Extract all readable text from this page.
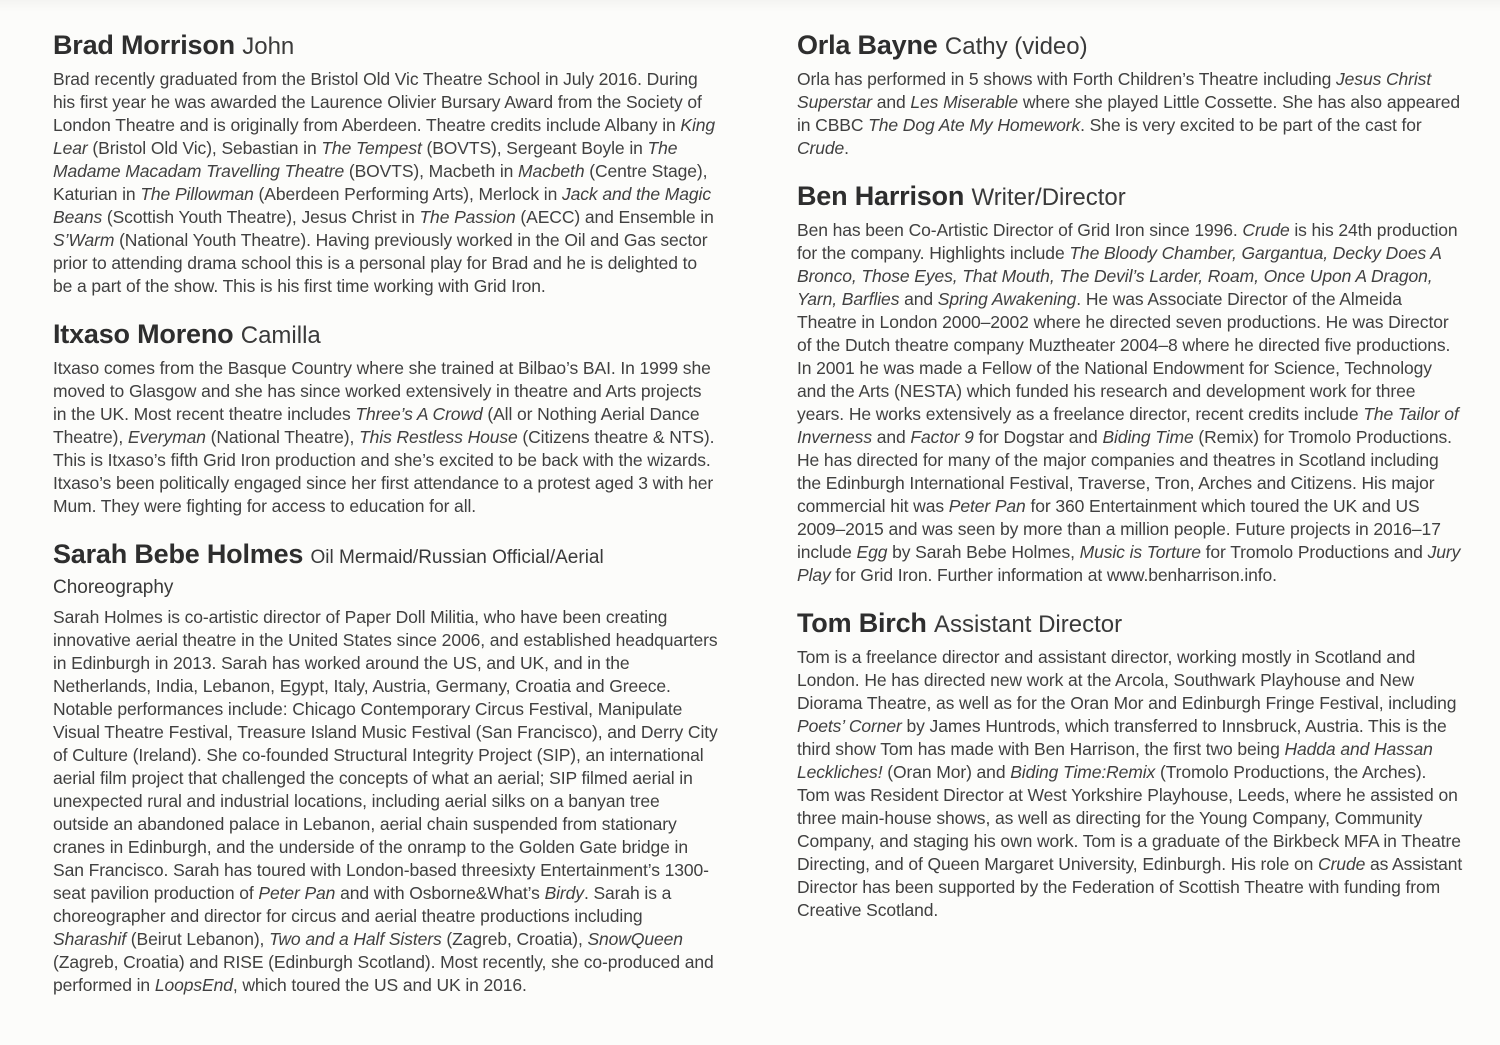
Brad Morrison John

Brad recently graduated from the Bristol Old Vic Theatre School in July 2016. During his first year he was awarded the Laurence Olivier Bursary Award from the Society of London Theatre and is originally from Aberdeen. Theatre credits include Albany in King Lear (Bristol Old Vic), Sebastian in The Tempest (BOVTS), Sergeant Boyle in The Madame Macadam Travelling Theatre (BOVTS), Macbeth in Macbeth (Centre Stage), Katurian in The Pillowman (Aberdeen Performing Arts), Merlock in Jack and the Magic Beans (Scottish Youth Theatre), Jesus Christ in The Passion (AECC) and Ensemble in S’Warm (National Youth Theatre). Having previously worked in the Oil and Gas sector prior to attending drama school this is a personal play for Brad and he is delighted to be a part of the show. This is his first time working with Grid Iron.

Itxaso Moreno Camilla

Itxaso comes from the Basque Country where she trained at Bilbao’s BAI. In 1999 she moved to Glasgow and she has since worked extensively in theatre and Arts projects in the UK. Most recent theatre includes Three’s A Crowd (All or Nothing Aerial Dance Theatre), Everyman (National Theatre), This Restless House (Citizens theatre & NTS). This is Itxaso’s fifth Grid Iron production and she’s excited to be back with the wizards. Itxaso’s been politically engaged since her first attendance to a protest aged 3 with her Mum. They were fighting for access to education for all.

Sarah Bebe Holmes Oil Mermaid/Russian Official/Aerial Choreography

Sarah Holmes is co-artistic director of Paper Doll Militia, who have been creating innovative aerial theatre in the United States since 2006, and established headquarters in Edinburgh in 2013. Sarah has worked around the US, and UK, and in the Netherlands, India, Lebanon, Egypt, Italy, Austria, Germany, Croatia and Greece. Notable performances include: Chicago Contemporary Circus Festival, Manipulate Visual Theatre Festival, Treasure Island Music Festival (San Francisco), and Derry City of Culture (Ireland). She co-founded Structural Integrity Project (SIP), an international aerial film project that challenged the concepts of what an aerial; SIP filmed aerial in unexpected rural and industrial locations, including aerial silks on a banyan tree outside an abandoned palace in Lebanon, aerial chain suspended from stationary cranes in Edinburgh, and the underside of the onramp to the Golden Gate bridge in San Francisco. Sarah has toured with London-based threesixty Entertainment’s 1300-seat pavilion production of Peter Pan and with Osborne&What’s Birdy. Sarah is a choreographer and director for circus and aerial theatre productions including Sharashif (Beirut Lebanon), Two and a Half Sisters (Zagreb, Croatia), SnowQueen (Zagreb, Croatia) and RISE (Edinburgh Scotland). Most recently, she co-produced and performed in LoopsEnd, which toured the US and UK in 2016.

Orla Bayne Cathy (video)

Orla has performed in 5 shows with Forth Children’s Theatre including Jesus Christ Superstar and Les Miserable where she played Little Cossette. She has also appeared in CBBC The Dog Ate My Homework. She is very excited to be part of the cast for Crude.

Ben Harrison Writer/Director

Ben has been Co-Artistic Director of Grid Iron since 1996. Crude is his 24th production for the company. Highlights include The Bloody Chamber, Gargantua, Decky Does A Bronco, Those Eyes, That Mouth, The Devil’s Larder, Roam, Once Upon A Dragon, Yarn, Barflies and Spring Awakening. He was Associate Director of the Almeida Theatre in London 2000–2002 where he directed seven productions. He was Director of the Dutch theatre company Muztheater 2004–8 where he directed five productions. In 2001 he was made a Fellow of the National Endowment for Science, Technology and the Arts (NESTA) which funded his research and development work for three years. He works extensively as a freelance director, recent credits include The Tailor of Inverness and Factor 9 for Dogstar and Biding Time (Remix) for Tromolo Productions. He has directed for many of the major companies and theatres in Scotland including the Edinburgh International Festival, Traverse, Tron, Arches and Citizens. His major commercial hit was Peter Pan for 360 Entertainment which toured the UK and US 2009–2015 and was seen by more than a million people. Future projects in 2016–17 include Egg by Sarah Bebe Holmes, Music is Torture for Tromolo Productions and Jury Play for Grid Iron. Further information at www.benharrison.info.

Tom Birch Assistant Director

Tom is a freelance director and assistant director, working mostly in Scotland and London. He has directed new work at the Arcola, Southwark Playhouse and New Diorama Theatre, as well as for the Oran Mor and Edinburgh Fringe Festival, including Poets’ Corner by James Huntrods, which transferred to Innsbruck, Austria. This is the third show Tom has made with Ben Harrison, the first two being Hadda and Hassan Leckliches! (Oran Mor) and Biding Time:Remix (Tromolo Productions, the Arches). Tom was Resident Director at West Yorkshire Playhouse, Leeds, where he assisted on three main-house shows, as well as directing for the Young Company, Community Company, and staging his own work. Tom is a graduate of the Birkbeck MFA in Theatre Directing, and of Queen Margaret University, Edinburgh. His role on Crude as Assistant Director has been supported by the Federation of Scottish Theatre with funding from Creative Scotland.
